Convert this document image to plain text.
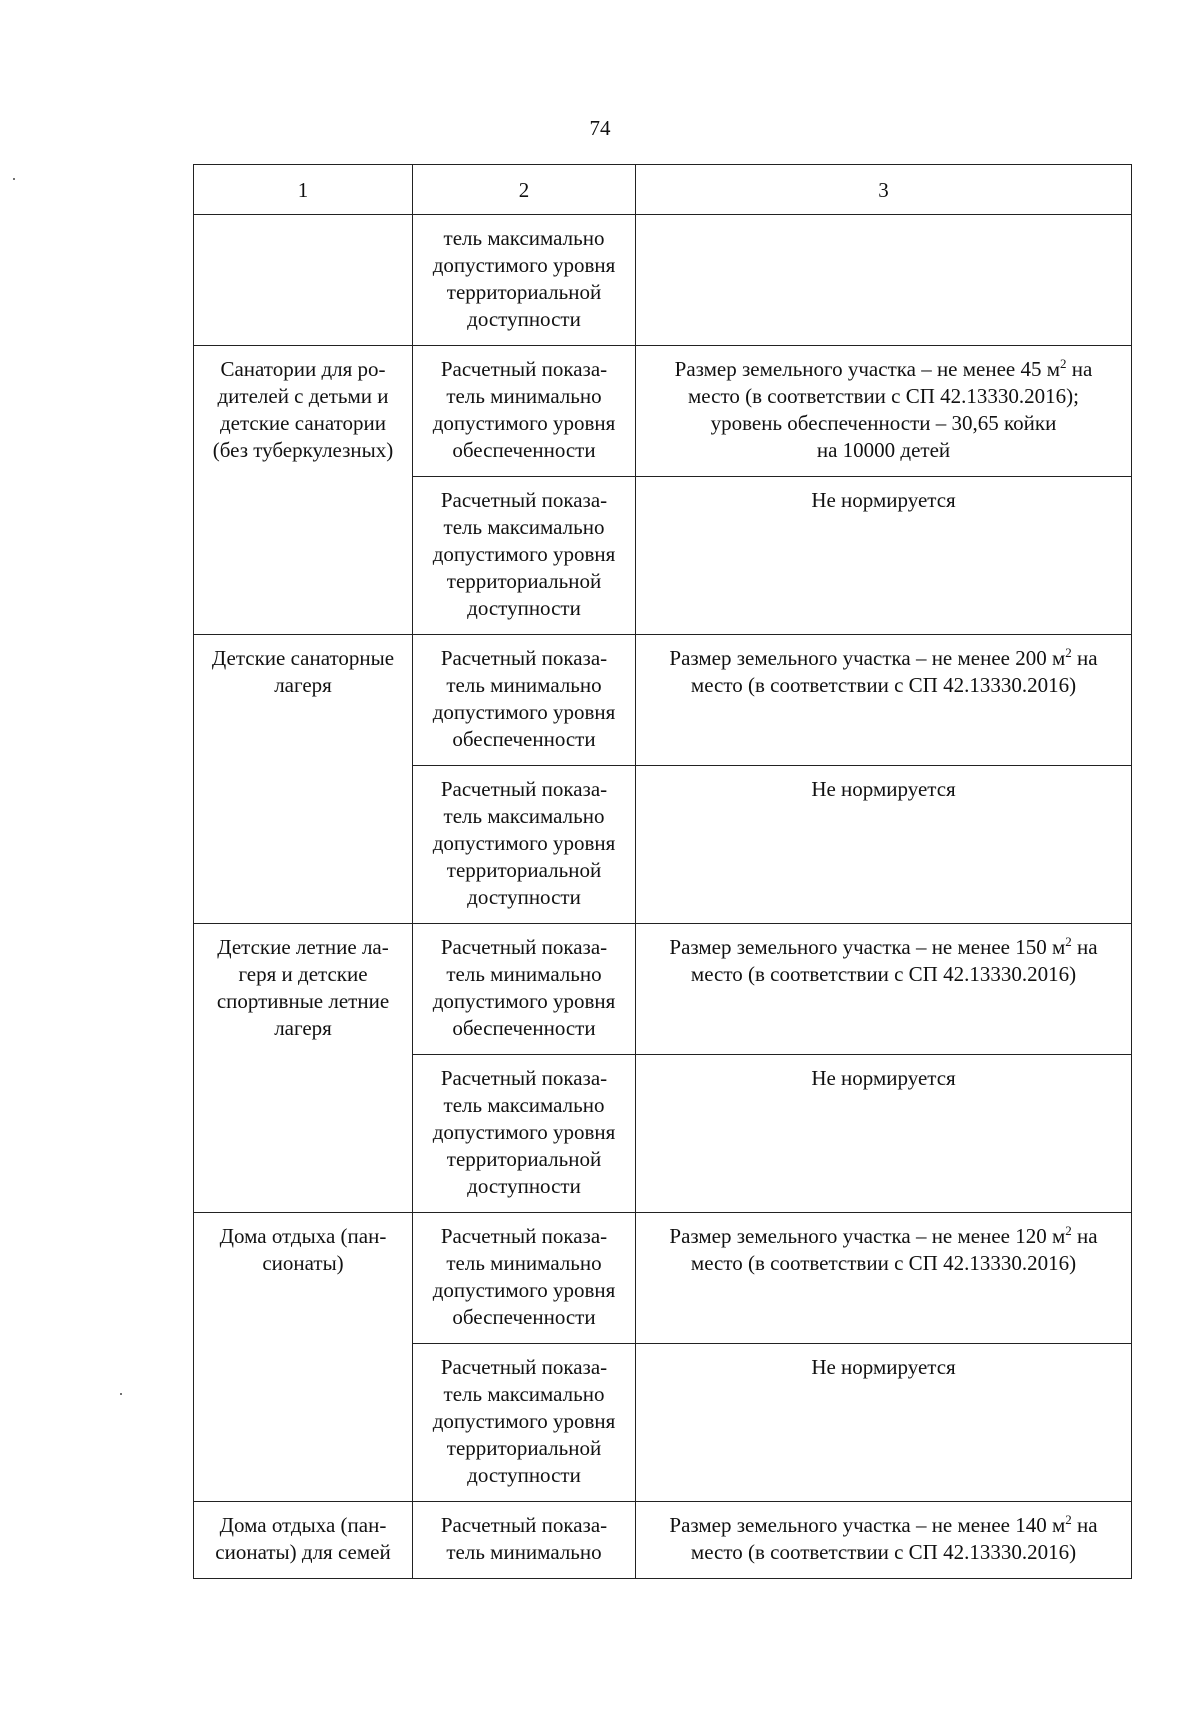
74
1	2	3

	тель максимально
допустимого уровня
территориальной
доступности	

Санатории для ро-
дителей с детьми и
детские санатории
(без туберкулезных)	Расчетный показа-
тель минимально
допустимого уровня
обеспеченности	Размер земельного участка – не менее 45 $м^2$ на
место (в соответствии с СП 42.13330.2016);
уровень обеспеченности – 30,65 койки
на 10000 детей

	Расчетный показа-
тель максимально
допустимого уровня
территориальной
доступности	Не нормируется

Детские санаторные
лагеря	Расчетный показа-
тель минимально
допустимого уровня
обеспеченности	Размер земельного участка – не менее 200 $м^2$ на
место (в соответствии с СП 42.13330.2016)

	Расчетный показа-
тель максимально
допустимого уровня
территориальной
доступности	Не нормируется

Детские летние ла-
геря и детские
спортивные летние
лагеря	Расчетный показа-
тель минимально
допустимого уровня
обеспеченности	Размер земельного участка – не менее 150 $м^2$ на
место (в соответствии с СП 42.13330.2016)

	Расчетный показа-
тель максимально
допустимого уровня
территориальной
доступности	Не нормируется

Дома отдыха (пан-
сионаты)	Расчетный показа-
тель минимально
допустимого уровня
обеспеченности	Размер земельного участка – не менее 120 $м^2$ на
место (в соответствии с СП 42.13330.2016)

	Расчетный показа-
тель максимально
допустимого уровня
территориальной
доступности	Не нормируется

Дома отдыха (пан-
сионаты) для семей	Расчетный показа-
тель минимально	Размер земельного участка – не менее 140 $м^2$ на
место (в соответствии с СП 42.13330.2016)
